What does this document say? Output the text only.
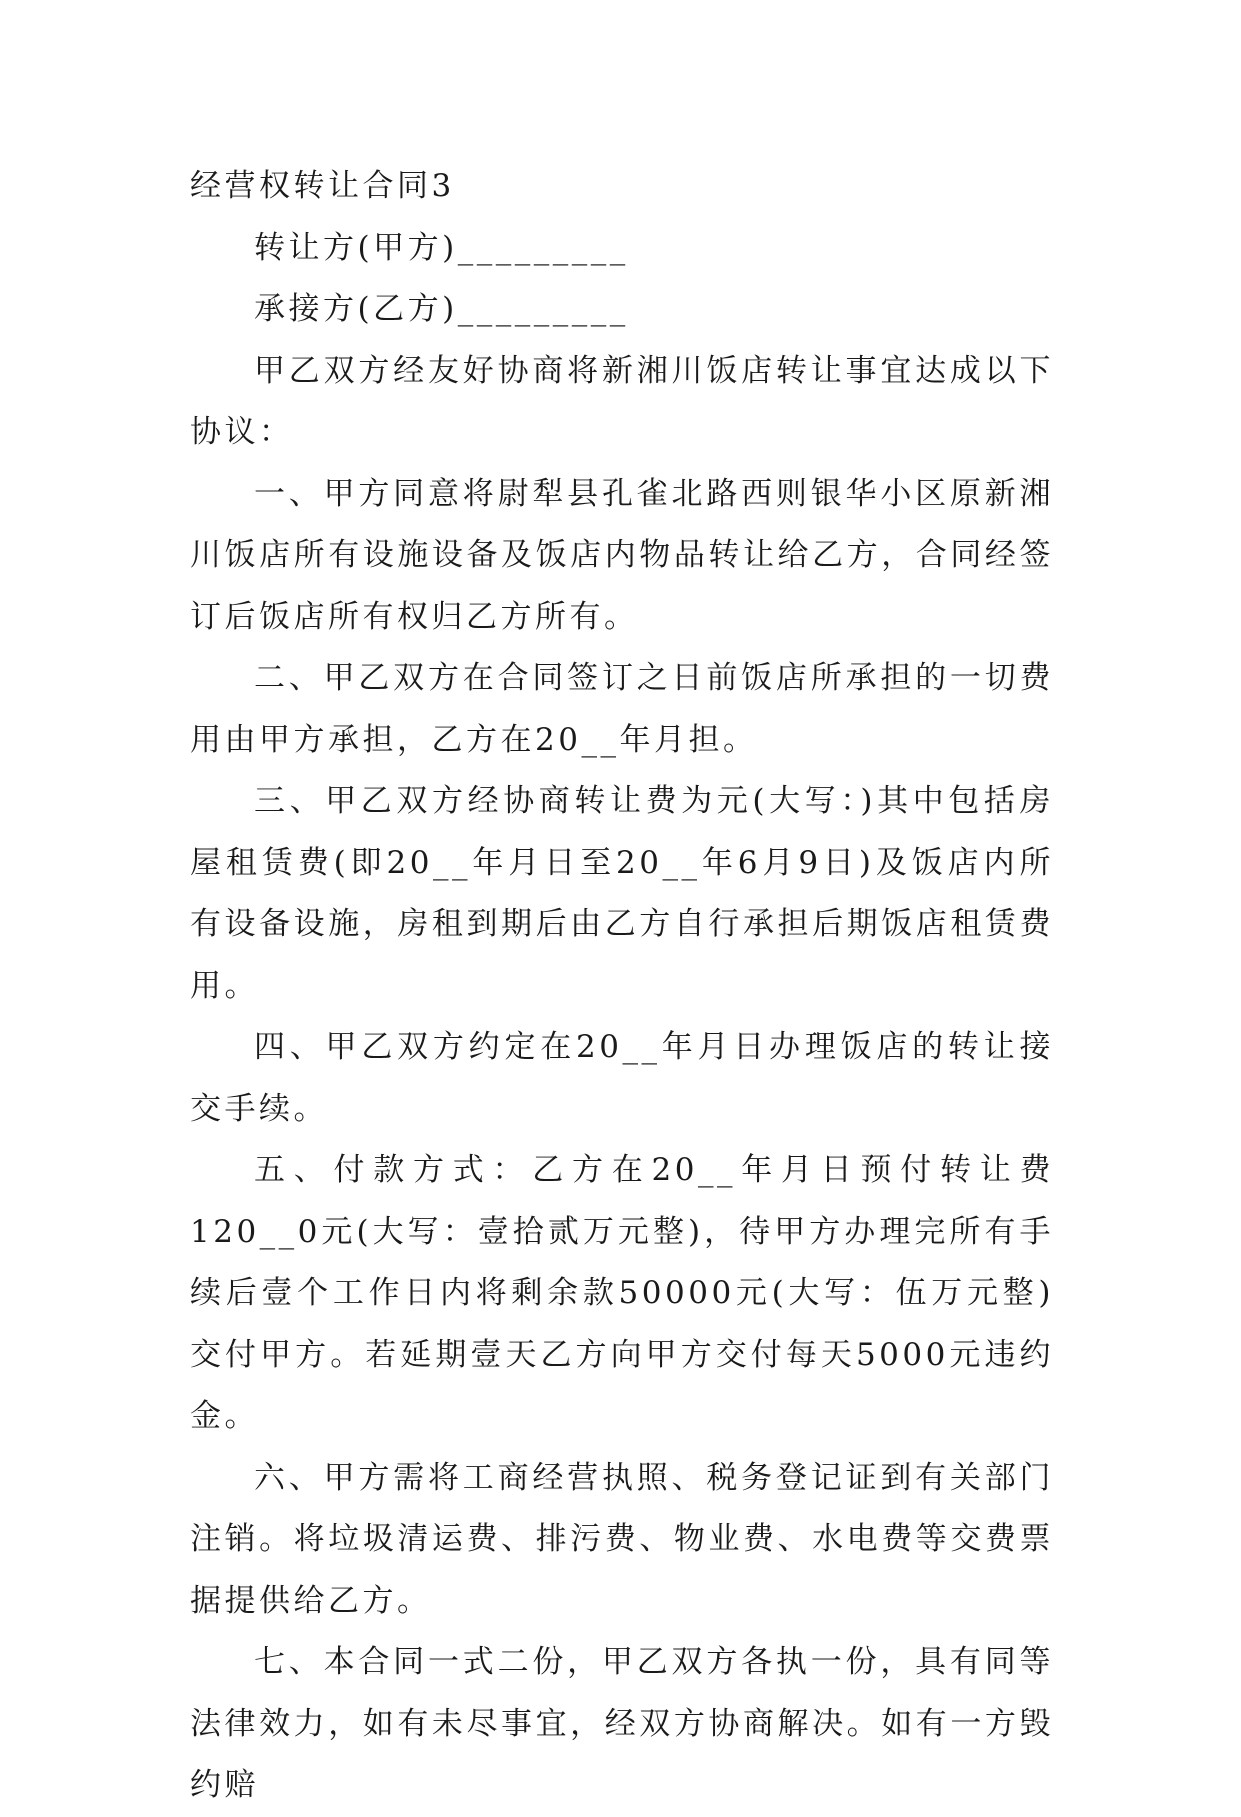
经营权转让合同3

转让方(甲方)_________

承接方(乙方)_________

甲乙双方经友好协商将新湘川饭店转让事宜达成以下协议：

一、甲方同意将尉犁县孔雀北路西则银华小区原新湘川饭店所有设施设备及饭店内物品转让给乙方，合同经签订后饭店所有权归乙方所有。

二、甲乙双方在合同签订之日前饭店所承担的一切费用由甲方承担，乙方在20__年月担。

三、甲乙双方经协商转让费为元(大写：)其中包括房屋租赁费(即20__年月日至20__年6月9日)及饭店内所有设备设施，房租到期后由乙方自行承担后期饭店租赁费用。

四、甲乙双方约定在20__年月日办理饭店的转让接交手续。

五、付款方式：乙方在20__年月日预付转让费120__0元(大写：壹拾贰万元整)，待甲方办理完所有手续后壹个工作日内将剩余款50000元(大写：伍万元整)交付甲方。若延期壹天乙方向甲方交付每天5000元违约金。

六、甲方需将工商经营执照、税务登记证到有关部门注销。将垃圾清运费、排污费、物业费、水电费等交费票据提供给乙方。

七、本合同一式二份，甲乙双方各执一份，具有同等法律效力，如有未尽事宜，经双方协商解决。如有一方毁约赔
